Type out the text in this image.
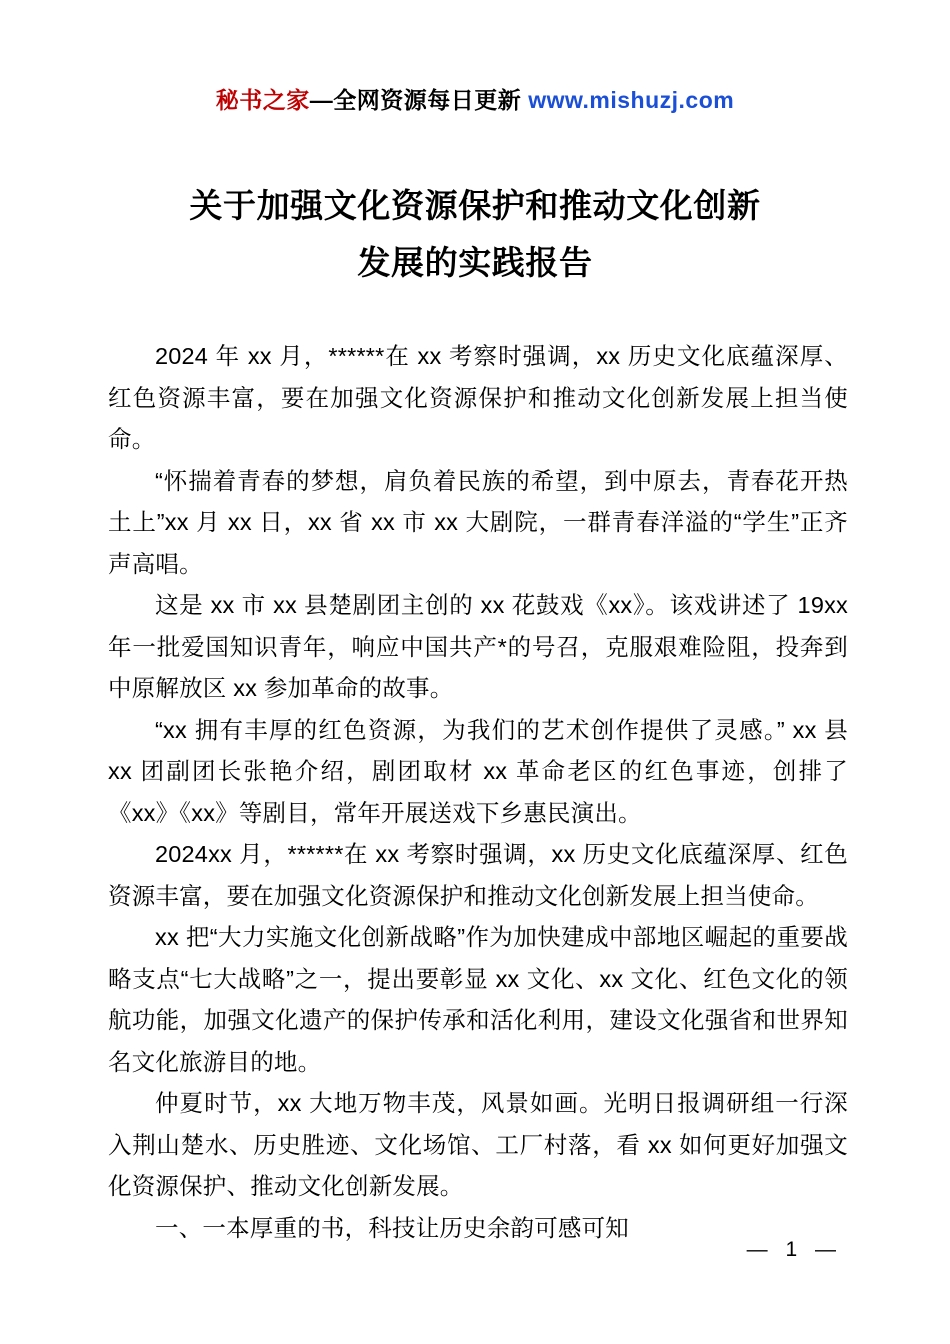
秘书之家—全网资源每日更新 www.mishuzj.com
关于加强文化资源保护和推动文化创新
发展的实践报告

2024 年 xx 月，******在 xx 考察时强调，xx 历史文化底蕴深厚、红色资源丰富，要在加强文化资源保护和推动文化创新发展上担当使命。

“怀揣着青春的梦想，肩负着民族的希望，到中原去，青春花开热土上”xx 月 xx 日，xx 省 xx 市 xx 大剧院，一群青春洋溢的“学生”正齐声高唱。

这是 xx 市 xx 县楚剧团主创的 xx 花鼓戏《xx》。该戏讲述了 19xx 年一批爱国知识青年，响应中国共产*的号召，克服艰难险阻，投奔到中原解放区 xx 参加革命的故事。

“xx 拥有丰厚的红色资源，为我们的艺术创作提供了灵感。” xx 县 xx 团副团长张艳介绍，剧团取材 xx 革命老区的红色事迹，创排了《xx》《xx》等剧目，常年开展送戏下乡惠民演出。

2024xx 月，******在 xx 考察时强调，xx 历史文化底蕴深厚、红色资源丰富，要在加强文化资源保护和推动文化创新发展上担当使命。

xx 把“大力实施文化创新战略”作为加快建成中部地区崛起的重要战略支点“七大战略”之一，提出要彰显 xx 文化、xx 文化、红色文化的领航功能，加强文化遗产的保护传承和活化利用，建设文化强省和世界知名文化旅游目的地。

仲夏时节，xx 大地万物丰茂，风景如画。光明日报调研组一行深入荆山楚水、历史胜迹、文化场馆、工厂村落，看 xx 如何更好加强文化资源保护、推动文化创新发展。

一、一本厚重的书，科技让历史余韵可感可知

— 1 —
